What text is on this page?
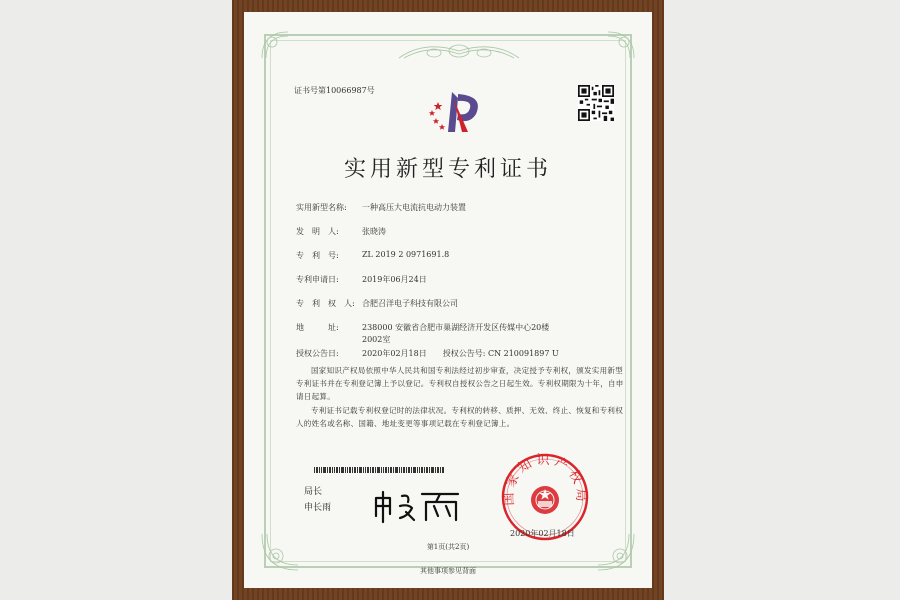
证书号第10066987号
实用新型专利证书
实用新型名称:	一种高压大电流抗电动力装置
发　明　人:	张晓涛
专　利　号:	ZL 2019 2 0971691.8
专利申请日:	2019年06月24日
专　利　权　人: 合肥召洋电子科技有限公司
地　　　址:	238000 安徽省合肥市巢湖经济开发区传媒中心20楼2002室
授权公告日:	2020年02月18日　　授权公告号: CN 210091897 U
国家知识产权局依照中华人民共和国专利法经过初步审查，决定授予专利权，颁发实用新型专利证书并在专利登记簿上予以登记。专利权自授权公告之日起生效。专利权期限为十年，自申请日起算。
专利证书记载专利权登记时的法律状况。专利权的转移、质押、无效、终止、恢复和专利权人的姓名或名称、国籍、地址变更等事项记载在专利登记簿上。
局长
申长雨
国家知识产权局
2020年02月18日
第1页(共2页)
其他事项参见背面
